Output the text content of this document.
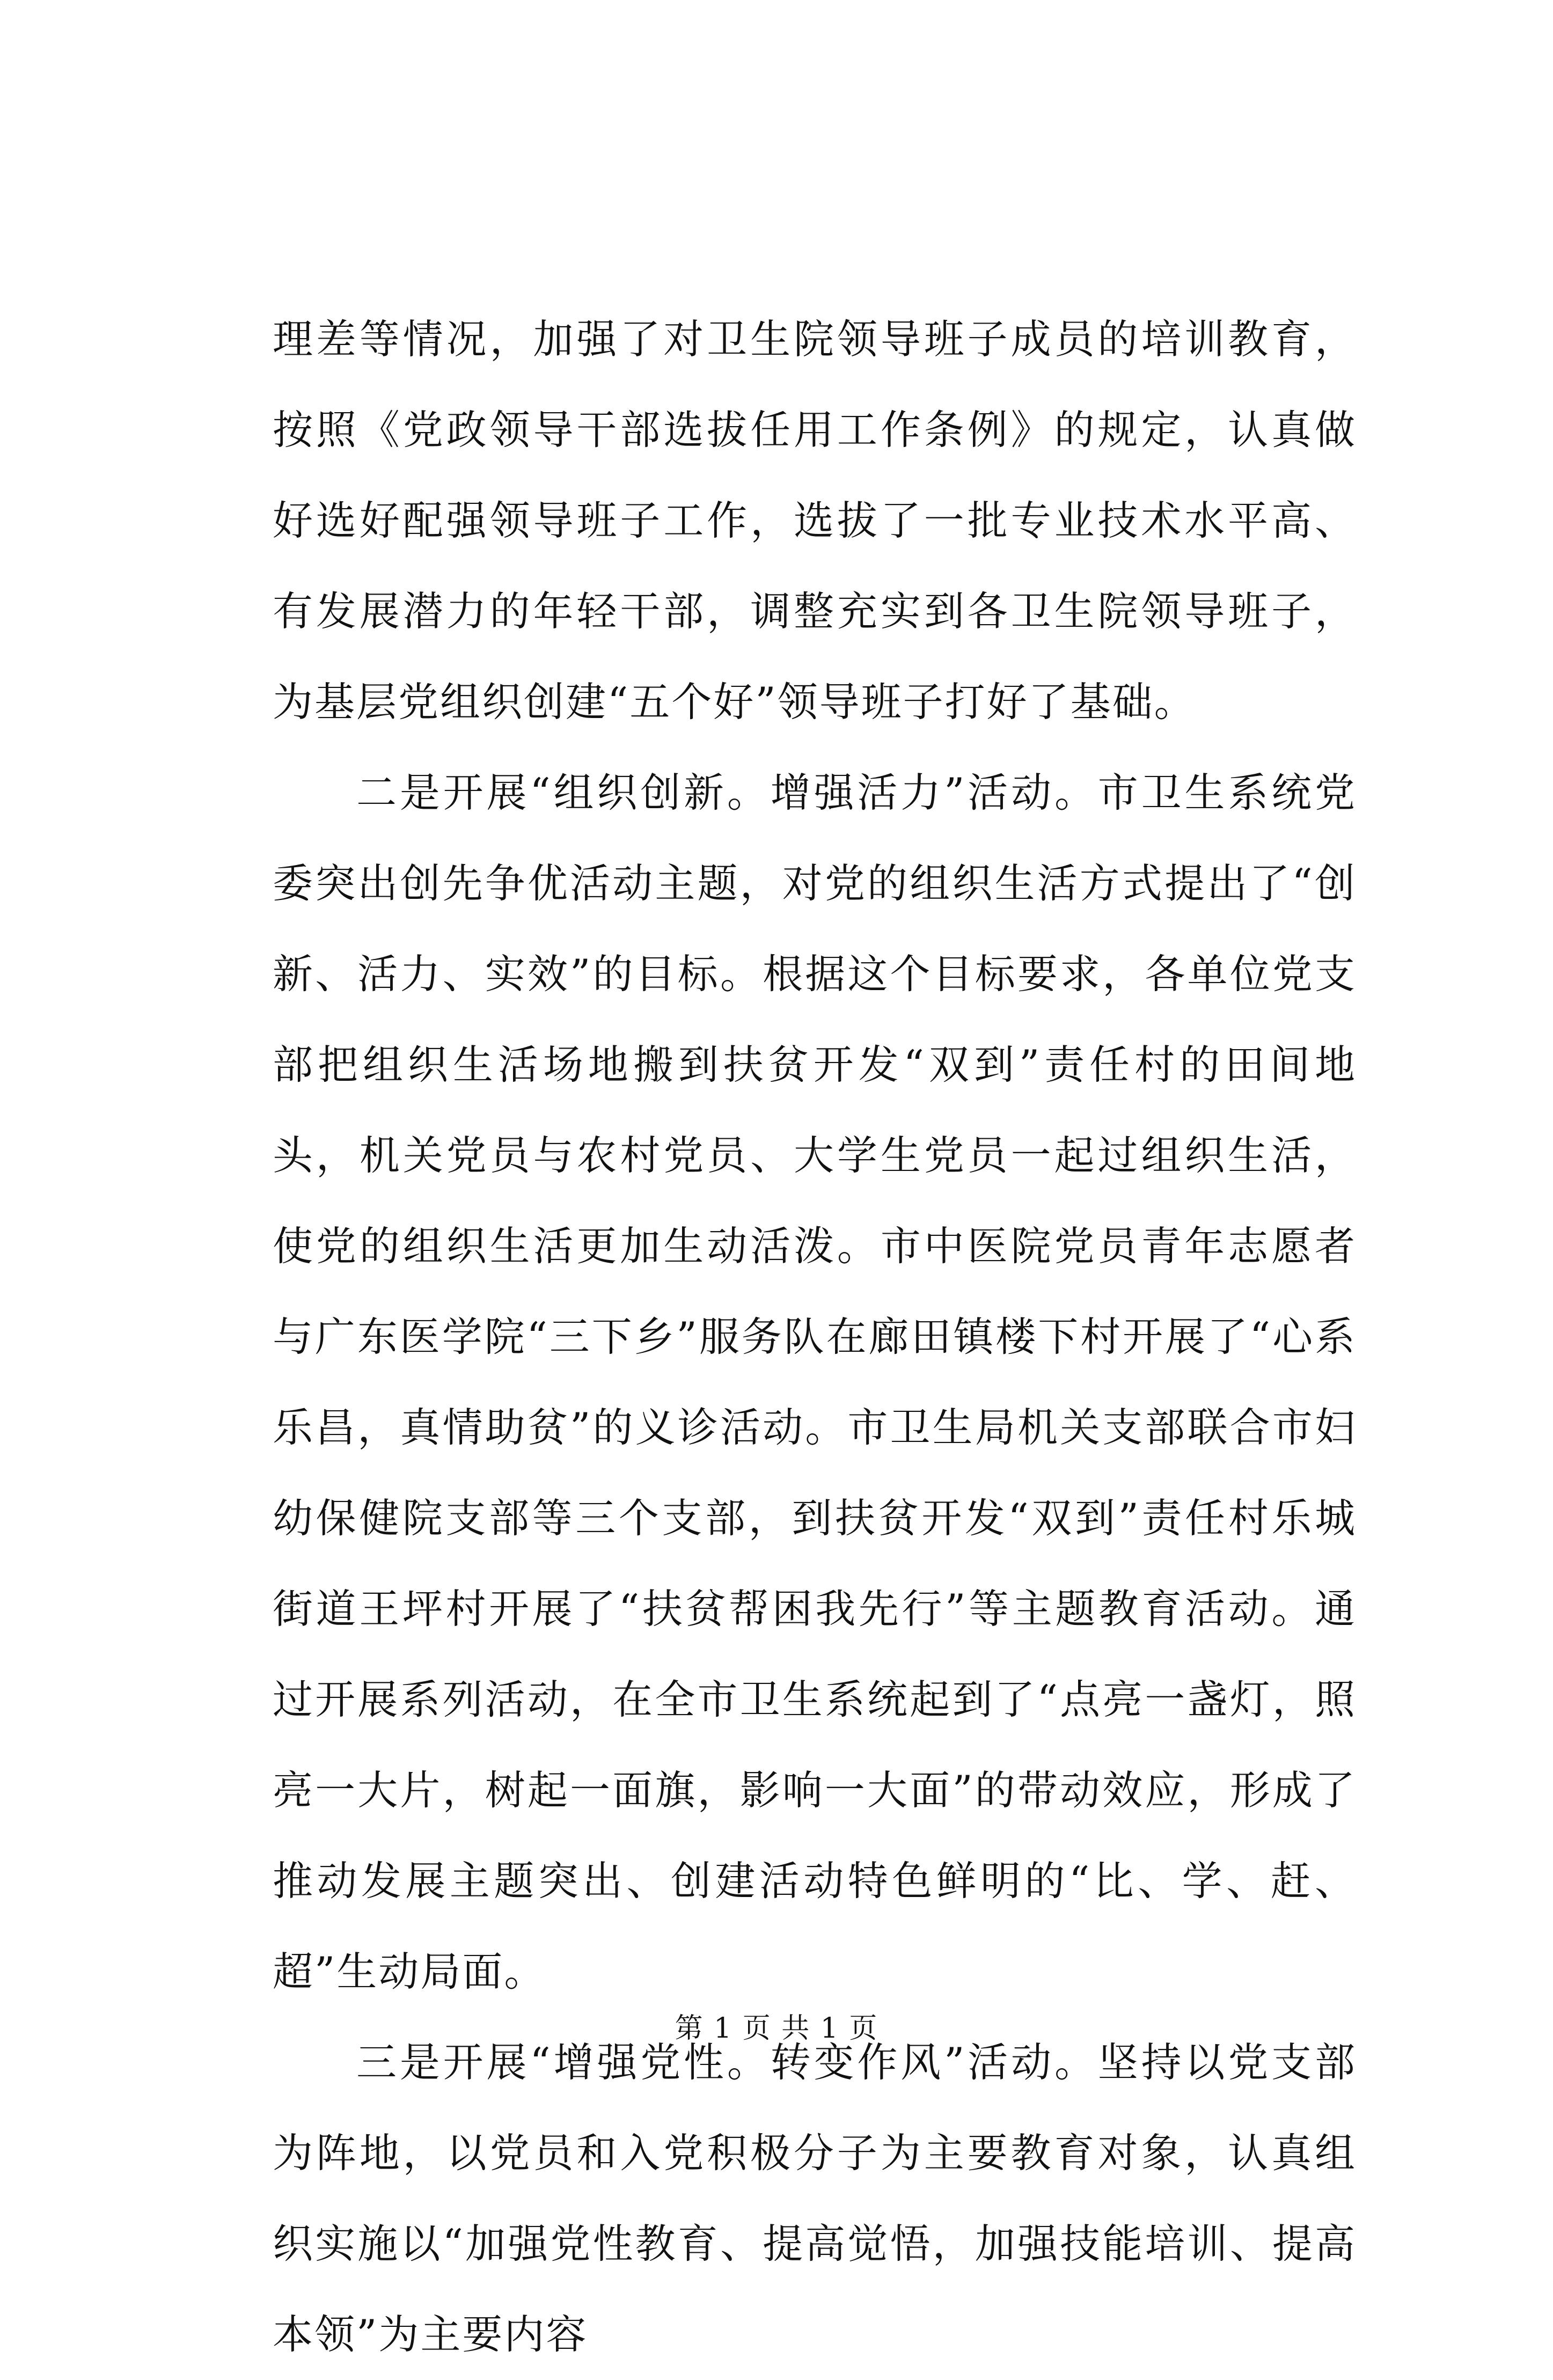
理差等情况，加强了对卫生院领导班子成员的培训教育，按照《党政领导干部选拔任用工作条例》的规定，认真做好选好配强领导班子工作，选拔了一批专业技术水平高、有发展潜力的年轻干部，调整充实到各卫生院领导班子，为基层党组织创建“五个好”领导班子打好了基础。

二是开展“组织创新。增强活力”活动。市卫生系统党委突出创先争优活动主题，对党的组织生活方式提出了“创新、活力、实效”的目标。根据这个目标要求，各单位党支部把组织生活场地搬到扶贫开发“双到”责任村的田间地头，机关党员与农村党员、大学生党员一起过组织生活，使党的组织生活更加生动活泼。市中医院党员青年志愿者与广东医学院“三下乡”服务队在廊田镇楼下村开展了“心系乐昌，真情助贫”的义诊活动。市卫生局机关支部联合市妇幼保健院支部等三个支部，到扶贫开发“双到”责任村乐城街道王坪村开展了“扶贫帮困我先行”等主题教育活动。通过开展系列活动，在全市卫生系统起到了“点亮一盏灯，照亮一大片，树起一面旗，影响一大面”的带动效应，形成了推动发展主题突出、创建活动特色鲜明的“比、学、赶、超”生动局面。

三是开展“增强党性。转变作风”活动。坚持以党支部为阵地，以党员和入党积极分子为主要教育对象，认真组织实施以“加强党性教育、提高觉悟，加强技能培训、提高本领”为主要内容

第 1 页 共 1 页
